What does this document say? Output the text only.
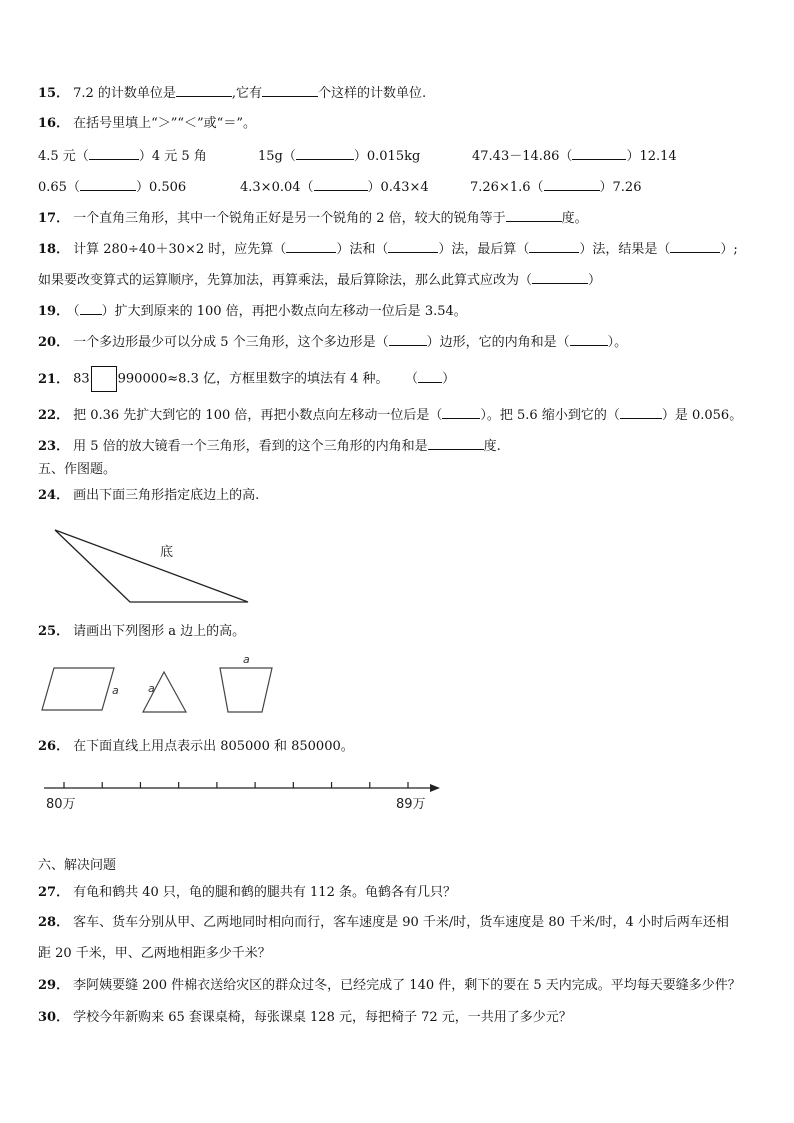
15． 7.2 的计数单位是	,它有	个这样的计数单位.
16． 在括号里填上“＞”“＜”或“＝”。
4.5 元（	）4 元 5 角	15g（	）0.015kg	47.43－14.86（	）12.14
0.65（	）0.506	4.3×0.04（	）0.43×4	7.26×1.6（	）7.26
17． 一个直角三角形，其中一个锐角正好是另一个锐角的 2 倍，较大的锐角等于	度。
18． 计算 280÷40＋30×2 时，应先算（	）法和（	）法，最后算（	）法，结果是（	）;
如果要改变算式的运算顺序，先算加法，再算乘法，最后算除法，那么此算式应改为（	）
19． （ ）扩大到原来的 100 倍，再把小数点向左移动一位后是 3.54。
20． 一个多边形最少可以分成 5 个三角形，这个多边形是（	）边形，它的内角和是（	）。
21． 83 990000≈8.3 亿，方框里数字的填法有 4 种。 （ ）
22． 把 0.36 先扩大到它的 100 倍，再把小数点向左移动一位后是（	）。把 5.6 缩小到它的（	）是 0.056。
23． 用 5 倍的放大镜看一个三角形，看到的这个三角形的内角和是	度.
五、作图题。
24． 画出下面三角形指定底边上的高.
底
25． 请画出下列图形 a 边上的高。
a	a
a
26． 在下面直线上用点表示出 805000 和 850000。
80万	89万
六、解决问题
27． 有龟和鹤共 40 只，龟的腿和鹤的腿共有 112 条。龟鹤各有几只？
28． 客车、货车分别从甲、乙两地同时相向而行，客车速度是 90 千米/时，货车速度是 80 千米/时，4 小时后两车还相
距 20 千米，甲、乙两地相距多少千米？
29． 李阿姨要缝 200 件棉衣送给灾区的群众过冬，已经完成了 140 件，剩下的要在 5 天内完成。平均每天要缝多少件？
30． 学校今年新购来 65 套课桌椅，每张课桌 128 元，每把椅子 72 元，一共用了多少元？
